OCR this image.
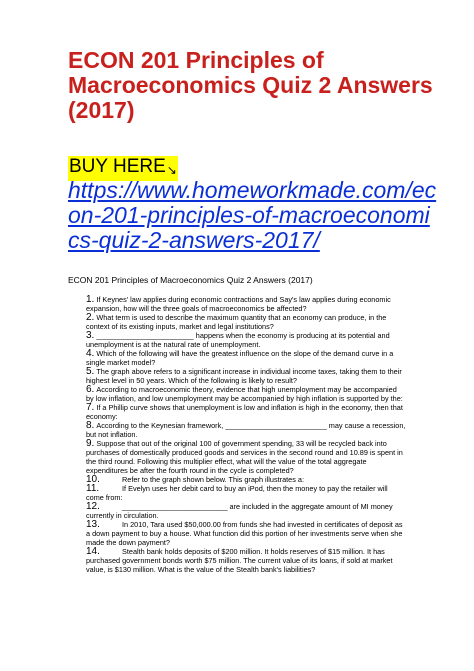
ECON 201 Principles of Macroeconomics Quiz 2 Answers (2017)
BUY HERE↘
https://www.homeworkmade.com/econ-201-principles-of-macroeconomics-quiz-2-answers-2017/
ECON 201 Principles of Macroeconomics Quiz 2 Answers (2017)
1. If Keynes' law applies during economic contractions and Say's law applies during economic expansion, how will the three goals of macroeconomics be affected?
2. What term is used to describe the maximum quantity that an economy can produce, in the context of its existing inputs, market and legal institutions?
3. ________________________ happens when the economy is producing at its potential and unemployment is at the natural rate of unemployment.
4. Which of the following will have the greatest influence on the slope of the demand curve in a single market model?
5. The graph above refers to a significant increase in individual income taxes, taking them to their highest level in 50 years. Which of the following is likely to result?
6. According to macroeconomic theory, evidence that high unemployment may be accompanied by low inflation, and low unemployment may be accompanied by high inflation is supported by the:
7. If a Phillip curve shows that unemployment is low and inflation is high in the economy, then that economy:
8. According to the Keynesian framework, _________________________ may cause a recession, but not inflation.
9. Suppose that out of the original 100 of government spending, 33 will be recycled back into purchases of domestically produced goods and services in the second round and 10.89 is spent in the third round. Following this multiplier effect, what will the value of the total aggregate expenditures be after the fourth round in the cycle is completed?
10.	Refer to the graph shown below. This graph illustrates a:
11.	If Evelyn uses her debit card to buy an iPod, then the money to pay the retailer will come from:
12.	__________________________ are included in the aggregate amount of MI money currently in circulation.
13.	In 2010, Tara used $50,000.00 from funds she had invested in certificates of deposit as a down payment to buy a house. What function did this portion of her investments serve when she made the down payment?
14.	Stealth bank holds deposits of $200 million. It holds reserves of $15 million. It has purchased government bonds worth $75 million. The current value of its loans, if sold at market value, is $130 million. What is the value of the Stealth bank's liabilities?
